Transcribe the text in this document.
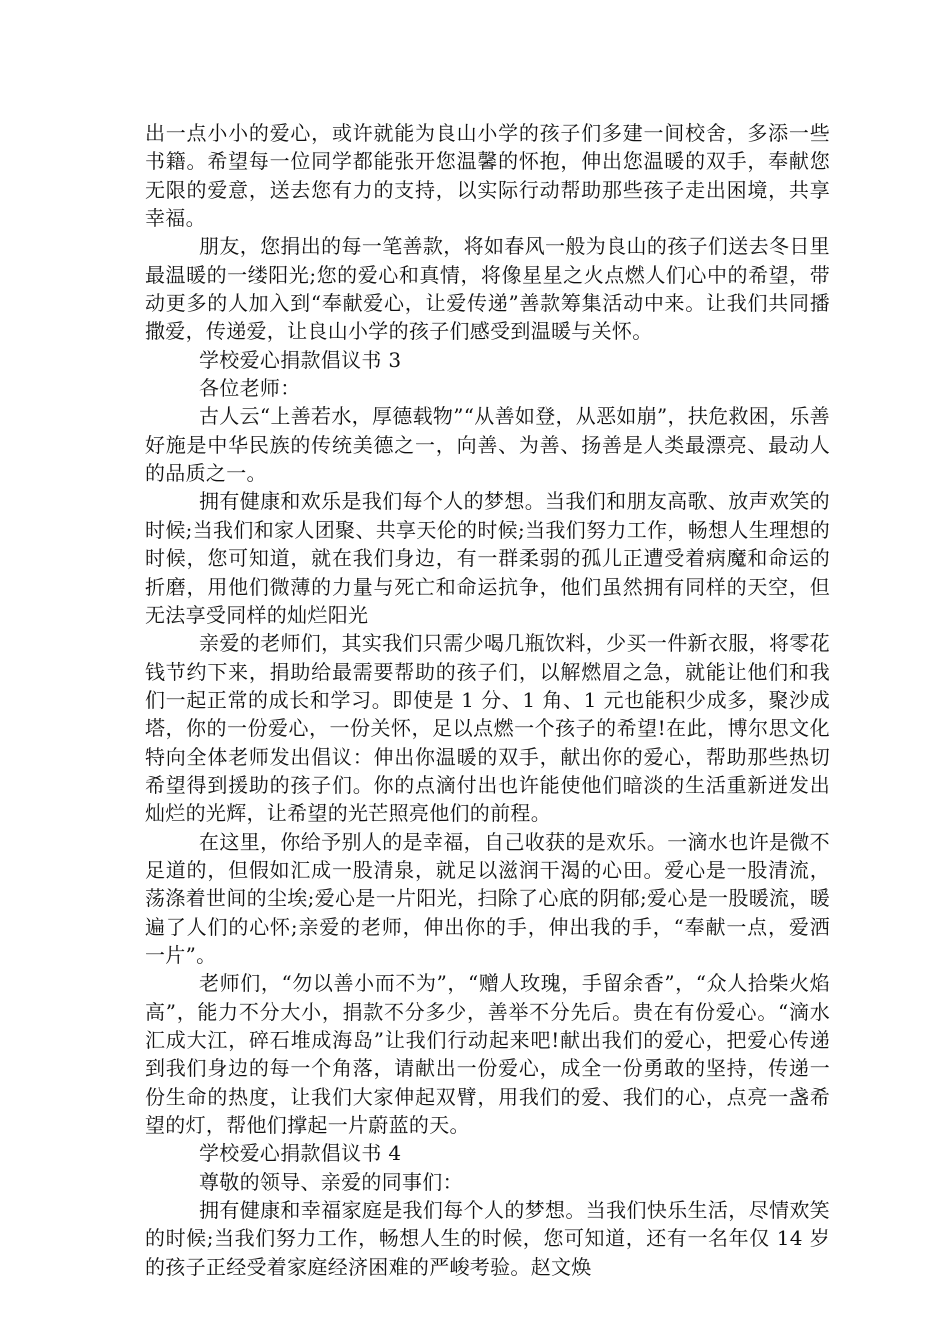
出一点小小的爱心，或许就能为良山小学的孩子们多建一间校舍，多添一些书籍。希望每一位同学都能张开您温馨的怀抱，伸出您温暖的双手，奉献您无限的爱意，送去您有力的支持，以实际行动帮助那些孩子走出困境，共享幸福。

朋友，您捐出的每一笔善款，将如春风一般为良山的孩子们送去冬日里最温暖的一缕阳光;您的爱心和真情，将像星星之火点燃人们心中的希望，带动更多的人加入到“奉献爱心，让爱传递”善款筹集活动中来。让我们共同播撒爱，传递爱，让良山小学的孩子们感受到温暖与关怀。

学校爱心捐款倡议书 3

各位老师：

古人云“上善若水，厚德载物”“从善如登，从恶如崩”，扶危救困，乐善好施是中华民族的传统美德之一，向善、为善、扬善是人类最漂亮、最动人的品质之一。

拥有健康和欢乐是我们每个人的梦想。当我们和朋友高歌、放声欢笑的时候;当我们和家人团聚、共享天伦的时候;当我们努力工作，畅想人生理想的时候，您可知道，就在我们身边，有一群柔弱的孤儿正遭受着病魔和命运的折磨，用他们微薄的力量与死亡和命运抗争，他们虽然拥有同样的天空，但无法享受同样的灿烂阳光

亲爱的老师们，其实我们只需少喝几瓶饮料，少买一件新衣服，将零花钱节约下来，捐助给最需要帮助的孩子们，以解燃眉之急，就能让他们和我们一起正常的成长和学习。即使是 1 分、1 角、1 元也能积少成多，聚沙成塔，你的一份爱心，一份关怀，足以点燃一个孩子的希望!在此，博尔思文化特向全体老师发出倡议：伸出你温暖的双手，献出你的爱心，帮助那些热切希望得到援助的孩子们。你的点滴付出也许能使他们暗淡的生活重新迸发出灿烂的光辉，让希望的光芒照亮他们的前程。

在这里，你给予别人的是幸福，自己收获的是欢乐。一滴水也许是微不足道的，但假如汇成一股清泉，就足以滋润干渴的心田。爱心是一股清流，荡涤着世间的尘埃;爱心是一片阳光，扫除了心底的阴郁;爱心是一股暖流，暖遍了人们的心怀;亲爱的老师，伸出你的手，伸出我的手，“奉献一点，爱洒一片”。

老师们，“勿以善小而不为”，“赠人玫瑰，手留余香”，“众人拾柴火焰高”，能力不分大小，捐款不分多少，善举不分先后。贵在有份爱心。“滴水汇成大江，碎石堆成海岛”让我们行动起来吧!献出我们的爱心，把爱心传递到我们身边的每一个角落，请献出一份爱心，成全一份勇敢的坚持，传递一份生命的热度，让我们大家伸起双臂，用我们的爱、我们的心，点亮一盏希望的灯，帮他们撑起一片蔚蓝的天。

学校爱心捐款倡议书 4

尊敬的领导、亲爱的同事们：

拥有健康和幸福家庭是我们每个人的梦想。当我们快乐生活，尽情欢笑的时候;当我们努力工作，畅想人生的时候，您可知道，还有一名年仅 14 岁的孩子正经受着家庭经济困难的严峻考验。赵文焕
